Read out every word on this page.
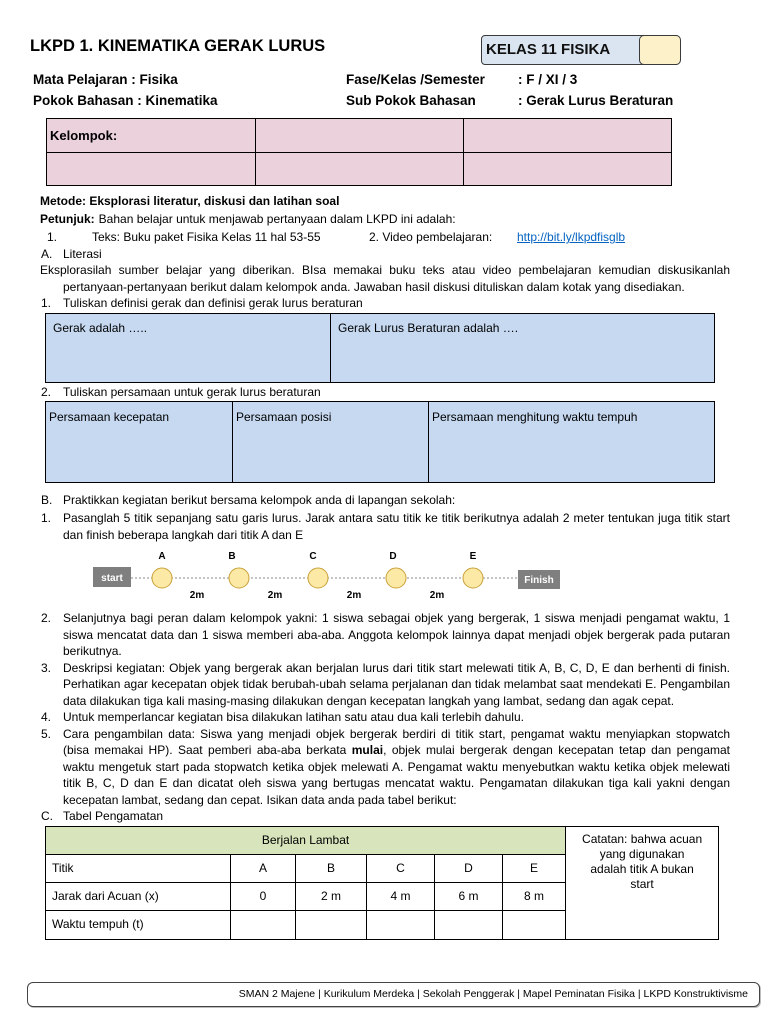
LKPD 1. KINEMATIKA GERAK LURUS	KELAS 11 FISIKA
Mata Pelajaran : Fisika
Pokok Bahasan : Kinematika
Fase/Kelas /Semester : F / XI / 3
Sub Pokok Bahasan	: Gerak Lurus Beraturan
Kelompok:		

Metode: Eksplorasi literatur, diskusi dan latihan soal
Petunjuk: Bahan belajar untuk menjawab pertanyaan dalam LKPD ini adalah:
1.	Teks: Buku paket Fisika Kelas 11 hal 53-55	2. Video pembelajaran: http://bit.ly/lkpdfisglb
A. Literasi
Eksplorasilah sumber belajar yang diberikan. BIsa memakai buku teks atau video pembelajaran kemudian diskusikanlah pertanyaan-pertanyaan berikut dalam kelompok anda. Jawaban hasil diskusi dituliskan dalam kotak yang disediakan.
1. Tuliskan definisi gerak dan definisi gerak lurus beraturan
Gerak adalah …..	Gerak Lurus Beraturan adalah ….
2. Tuliskan persamaan untuk gerak lurus beraturan
Persamaan kecepatan	Persamaan posisi	Persamaan menghitung waktu tempuh
B. Praktikkan kegiatan berikut bersama kelompok anda di lapangan sekolah:
1. Pasanglah 5 titik sepanjang satu garis lurus. Jarak antara satu titik ke titik berikutnya adalah 2 meter tentukan juga titik start dan finish beberapa langkah dari titik A dan E
start	Finish
A	B	C	D	E
2m	2m	2m	2m
2. Selanjutnya bagi peran dalam kelompok yakni: 1 siswa sebagai objek yang bergerak, 1 siswa menjadi pengamat waktu, 1 siswa mencatat data dan 1 siswa memberi aba-aba. Anggota kelompok lainnya dapat menjadi objek bergerak pada putaran berikutnya.
3. Deskripsi kegiatan: Objek yang bergerak akan berjalan lurus dari titik start melewati titik A, B, C, D, E dan berhenti di finish. Perhatikan agar kecepatan objek tidak berubah-ubah selama perjalanan dan tidak melambat saat mendekati E. Pengambilan data dilakukan tiga kali masing-masing dilakukan dengan kecepatan langkah yang lambat, sedang dan agak cepat.
4. Untuk memperlancar kegiatan bisa dilakukan latihan satu atau dua kali terlebih dahulu.
5. Cara pengambilan data: Siswa yang menjadi objek bergerak berdiri di titik start, pengamat waktu menyiapkan stopwatch (bisa memakai HP). Saat pemberi aba-aba berkata mulai, objek mulai bergerak dengan kecepatan tetap dan pengamat waktu mengetuk start pada stopwatch ketika objek melewati A. Pengamat waktu menyebutkan waktu ketika objek melewati titik B, C, D dan E dan dicatat oleh siswa yang bertugas mencatat waktu. Pengamatan dilakukan tiga kali yakni dengan kecepatan lambat, sedang dan cepat. Isikan data anda pada tabel berikut:
C. Tabel Pengamatan
Berjalan Lambat						Catatan: bahwa acuan yang digunakan adalah titik A bukan start
Titik	A	B	C	D	E	
Jarak dari Acuan (x)	0	2 m	4 m	6 m	8 m	
Waktu tempuh (t)						
SMAN 2 Majene | Kurikulum Merdeka | Sekolah Penggerak | Mapel Peminatan Fisika | LKPD Konstruktivisme
